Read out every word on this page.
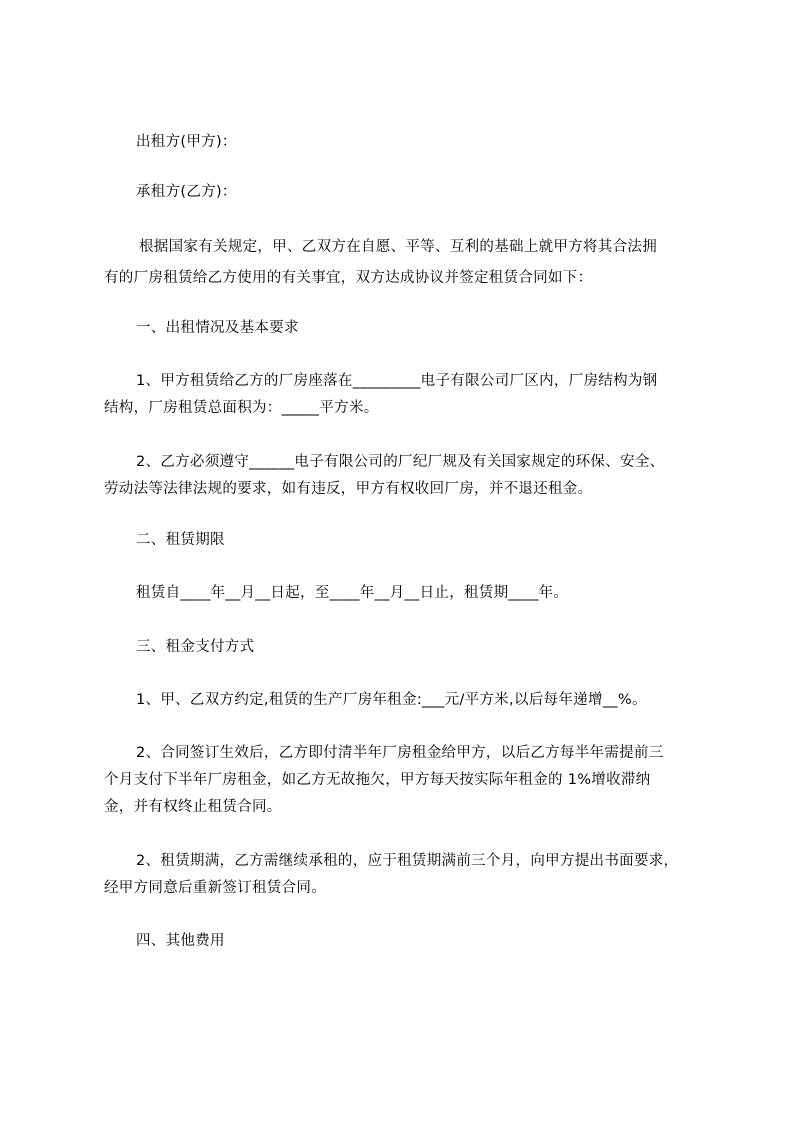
出租方(甲方)：
承租方(乙方)：
根据国家有关规定，甲、乙双方在自愿、平等、互利的基础上就甲方将其合法拥
有的厂房租赁给乙方使用的有关事宜，双方达成协议并签定租赁合同如下：
一、出租情况及基本要求
1、甲方租赁给乙方的厂房座落在_________电子有限公司厂区内，厂房结构为钢
结构，厂房租赁总面积为：_____平方米。
2、乙方必须遵守______电子有限公司的厂纪厂规及有关国家规定的环保、安全、
劳动法等法律法规的要求，如有违反，甲方有权收回厂房，并不退还租金。
二、租赁期限
租赁自____年__月__日起，至____年__月__日止，租赁期____年。
三、租金支付方式
1、甲、乙双方约定,租赁的生产厂房年租金:___元/平方米,以后每年递增__%。
2、合同签订生效后，乙方即付清半年厂房租金给甲方，以后乙方每半年需提前三
个月支付下半年厂房租金，如乙方无故拖欠，甲方每天按实际年租金的 1%增收滞纳
金，并有权终止租赁合同。
2、租赁期满，乙方需继续承租的，应于租赁期满前三个月，向甲方提出书面要求，
经甲方同意后重新签订租赁合同。
四、其他费用
